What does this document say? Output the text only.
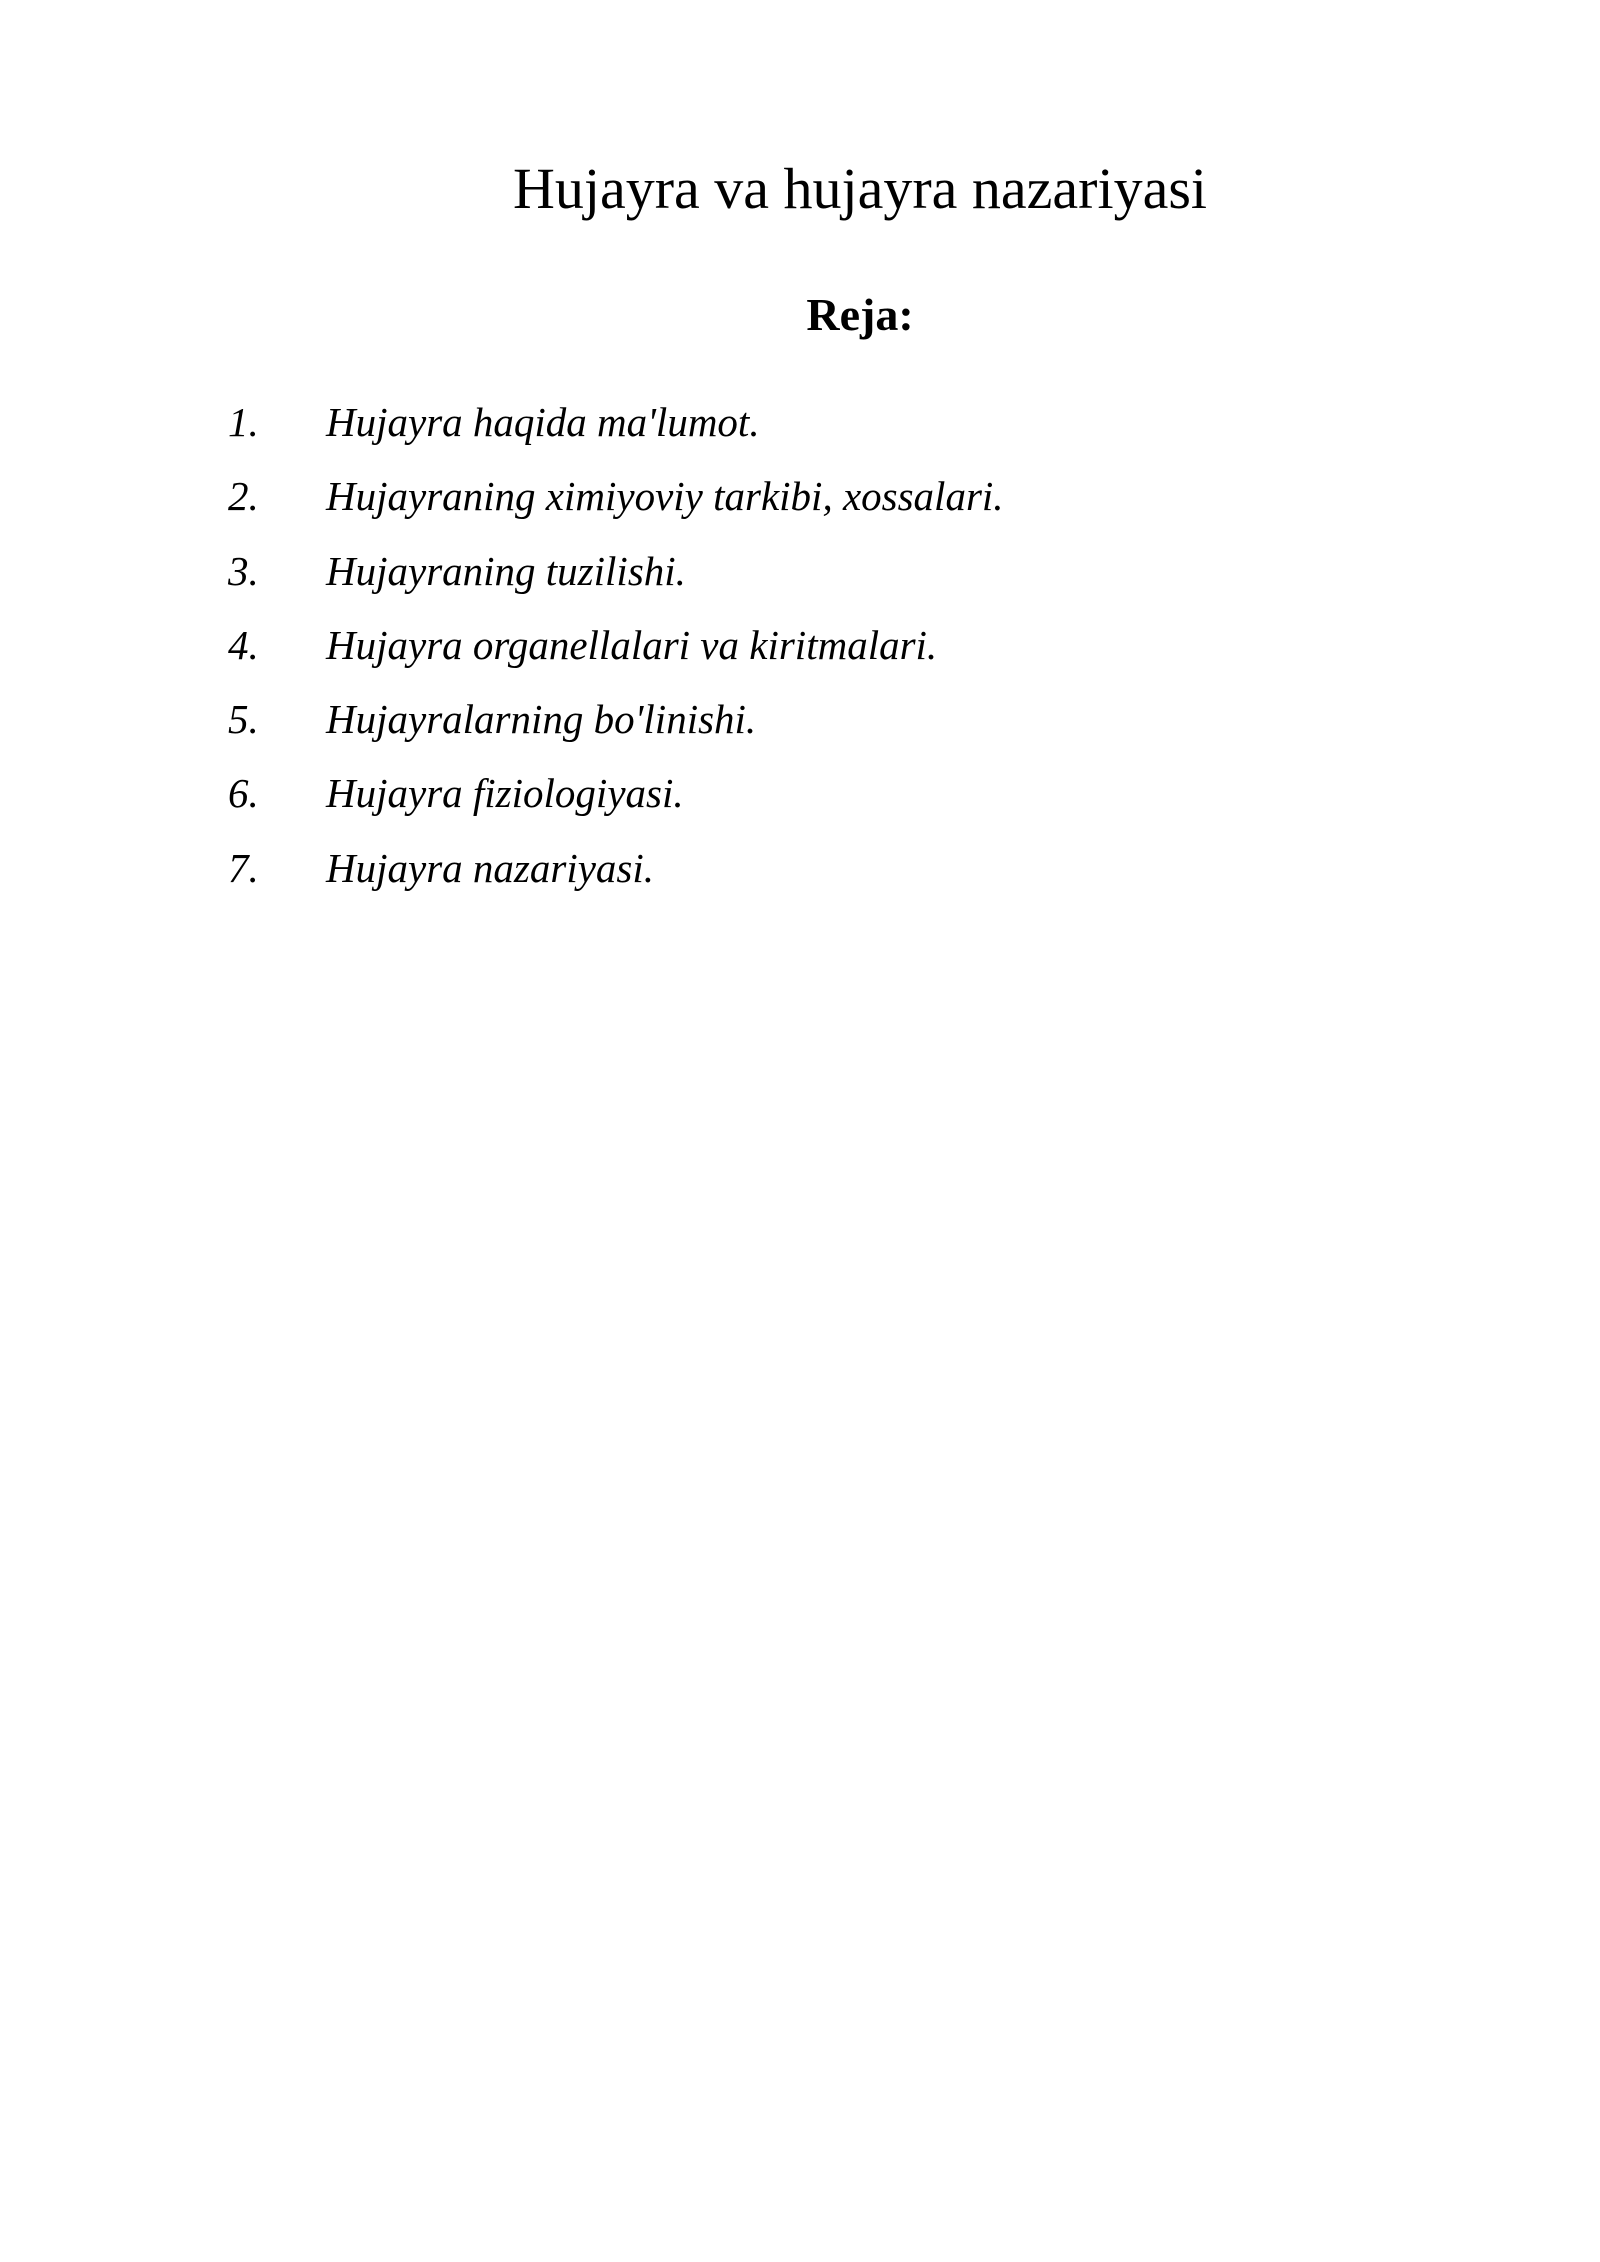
Hujayra va hujayra nazariyasi
Reja:
1.	Hujayra haqida ma'lumot.
2.	Hujayraning ximiyoviy tarkibi, xossalari.
3.	Hujayraning tuzilishi.
4.	Hujayra organellalari va kiritmalari.
5.	Hujayralarning bo'linishi.
6.	Hujayra fiziologiyasi.
7.	Hujayra nazariyasi.
